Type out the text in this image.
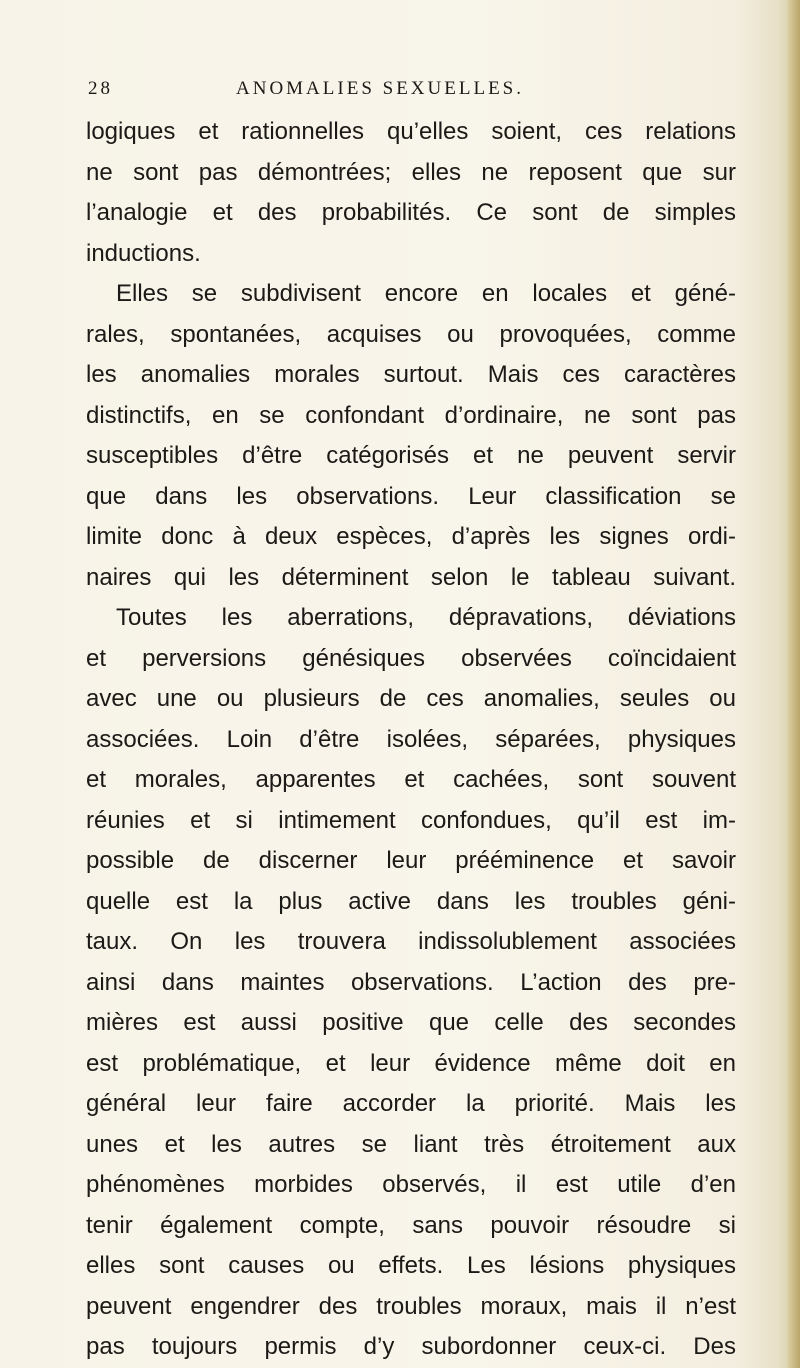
28	ANOMALIES SEXUELLES.
logiques et rationnelles qu’elles soient, ces relations
ne sont pas démontrées; elles ne reposent que sur
l’analogie et des probabilités. Ce sont de simples
inductions.
Elles se subdivisent encore en locales et géné-
rales, spontanées, acquises ou provoquées, comme
les anomalies morales surtout. Mais ces caractères
distinctifs, en se confondant d’ordinaire, ne sont pas
susceptibles d’être catégorisés et ne peuvent servir
que dans les observations. Leur classification se
limite donc à deux espèces, d’après les signes ordi-
naires qui les déterminent selon le tableau suivant.
Toutes les aberrations, dépravations, déviations
et perversions génésiques observées coïncidaient
avec une ou plusieurs de ces anomalies, seules ou
associées. Loin d’être isolées, séparées, physiques
et morales, apparentes et cachées, sont souvent
réunies et si intimement confondues, qu’il est im-
possible de discerner leur prééminence et savoir
quelle est la plus active dans les troubles géni-
taux. On les trouvera indissolublement associées
ainsi dans maintes observations. L’action des pre-
mières est aussi positive que celle des secondes
est problématique, et leur évidence même doit en
général leur faire accorder la priorité. Mais les
unes et les autres se liant très étroitement aux
phénomènes morbides observés, il est utile d’en
tenir également compte, sans pouvoir résoudre si
elles sont causes ou effets. Les lésions physiques
peuvent engendrer des troubles moraux, mais il n’est
pas toujours permis d’y subordonner ceux-ci. Des
